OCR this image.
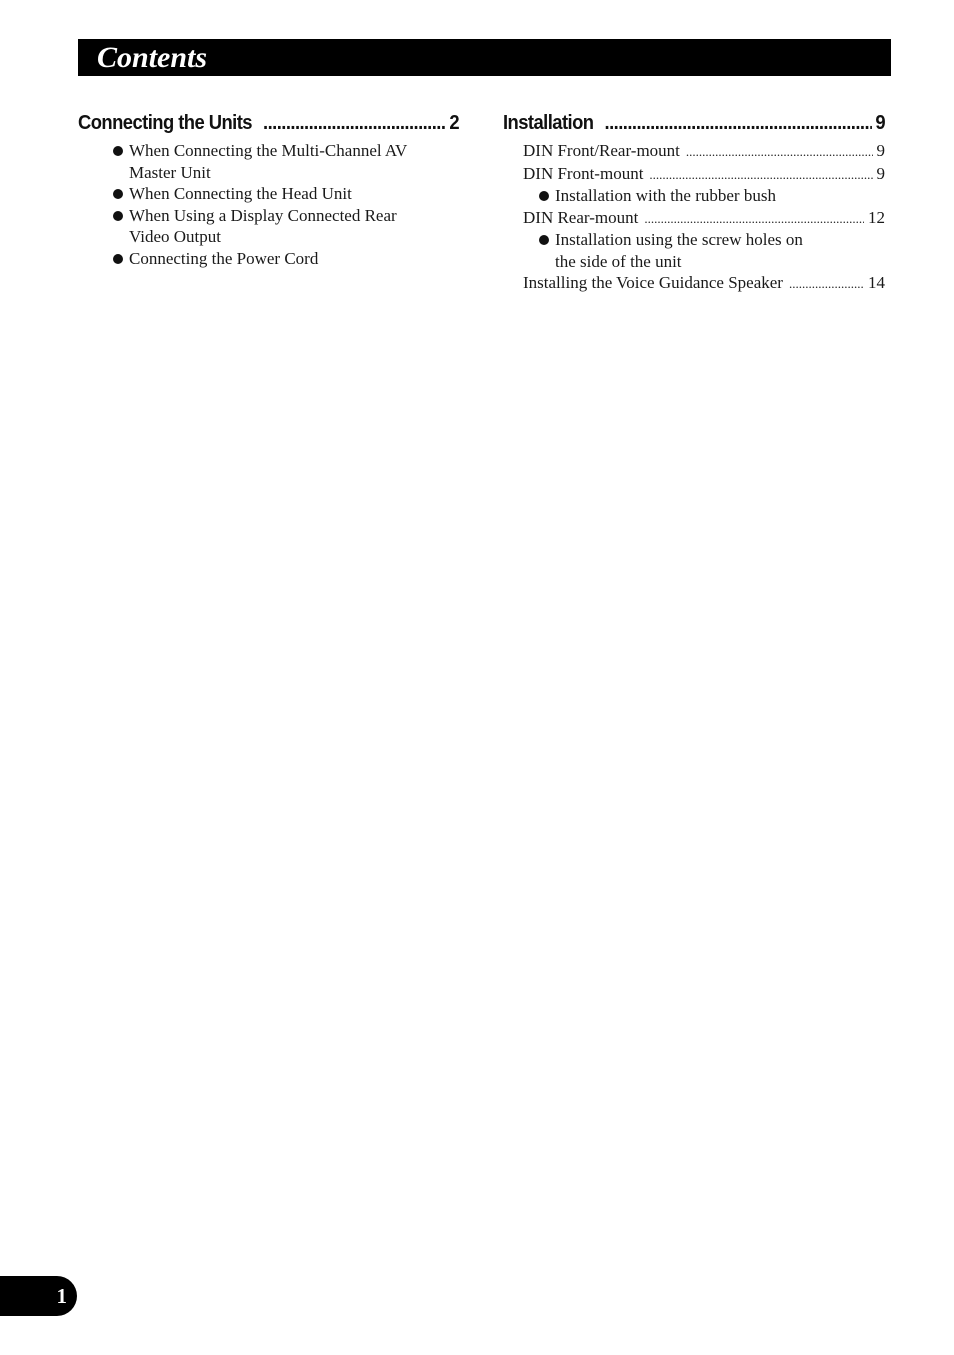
Contents
Connecting the Units .....	2
When Connecting the Multi-Channel AV
Master Unit
When Connecting the Head Unit
When Using a Display Connected Rear
Video Output
Connecting the Power Cord
Installation .....	9
DIN Front/Rear-mount .....	9
DIN Front-mount .....	9
Installation with the rubber bush
DIN Rear-mount .....	12
Installation using the screw holes on
the side of the unit
Installing the Voice Guidance Speaker .....	14
1
